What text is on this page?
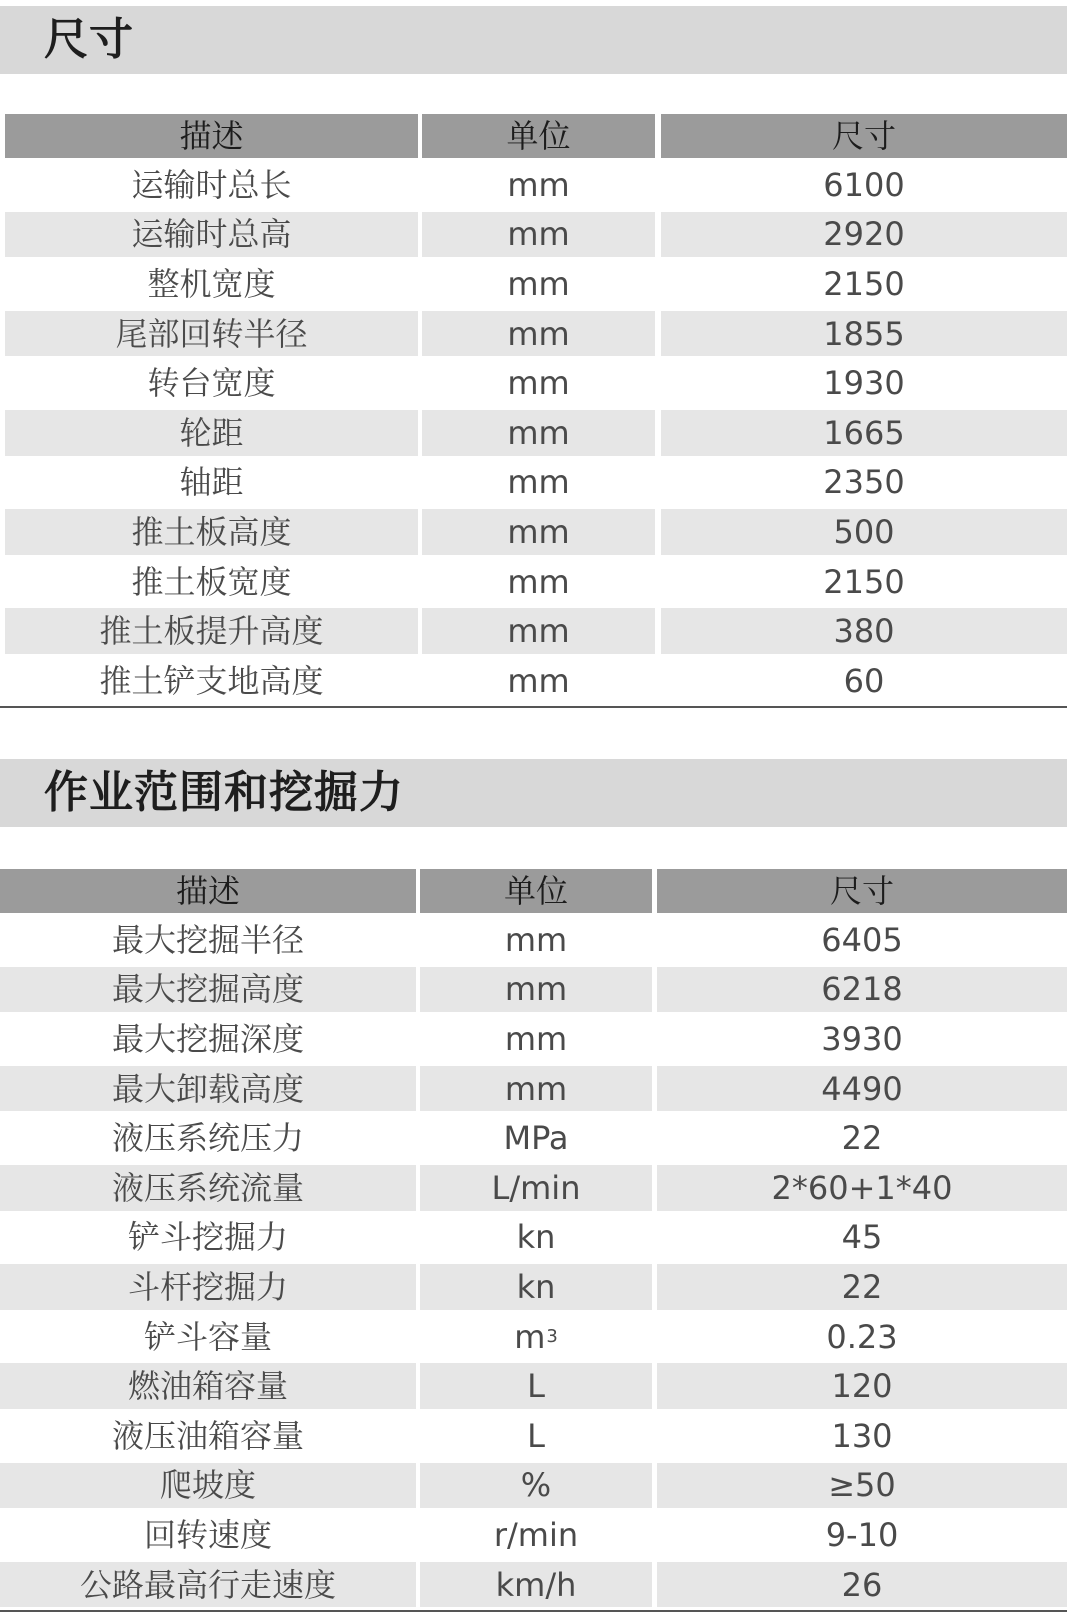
尺寸
描述	单位	尺寸
运输时总长	mm	6100
运输时总高	mm	2920
整机宽度	mm	2150
尾部回转半径	mm	1855
转台宽度	mm	1930
轮距	mm	1665
轴距	mm	2350
推土板高度	mm	500
推土板宽度	mm	2150
推土板提升高度	mm	380
推土铲支地高度	mm	60
作业范围和挖掘力
描述	单位	尺寸
最大挖掘半径	mm	6405
最大挖掘高度	mm	6218
最大挖掘深度	mm	3930
最大卸载高度	mm	4490
液压系统压力	MPa	22
液压系统流量	L/min	2*60+1*40
铲斗挖掘力	kn	45
斗杆挖掘力	kn	22
铲斗容量	m 3	0.23
燃油箱容量	L	120
液压油箱容量	L	130
爬坡度	%	≥50
回转速度	r/min	9-10
公路最高行走速度	km/h	26
